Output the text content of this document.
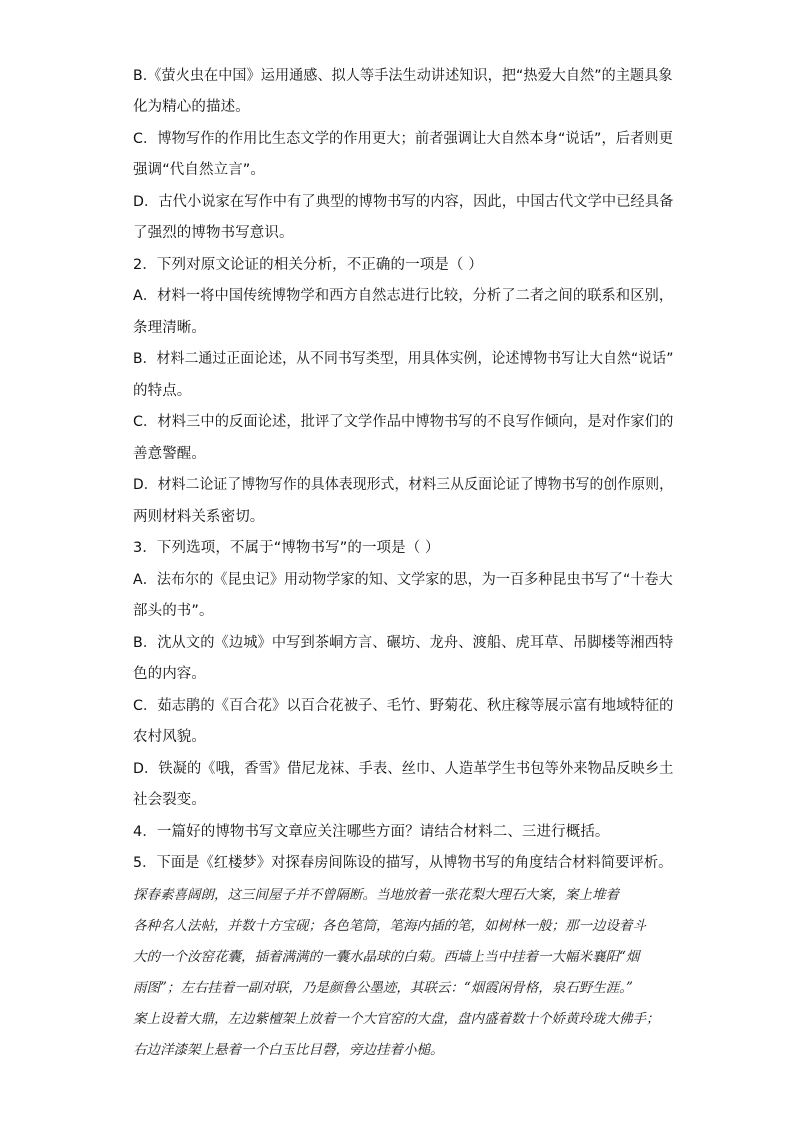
B.《萤火虫在中国》运用通感、拟人等手法生动讲述知识，把“热爱大自然”的主题具象
化为精心的描述。
C．博物写作的作用比生态文学的作用更大；前者强调让大自然本身“说话”，后者则更
强调“代自然立言”。
D．古代小说家在写作中有了典型的博物书写的内容，因此，中国古代文学中已经具备
了强烈的博物书写意识。
2．下列对原文论证的相关分析，不正确的一项是（ ）
A．材料一将中国传统博物学和西方自然志进行比较，分析了二者之间的联系和区别，
条理清晰。
B．材料二通过正面论述，从不同书写类型，用具体实例，论述博物书写让大自然“说话”
的特点。
C．材料三中的反面论述，批评了文学作品中博物书写的不良写作倾向，是对作家们的
善意警醒。
D．材料二论证了博物写作的具体表现形式，材料三从反面论证了博物书写的创作原则，
两则材料关系密切。
3．下列选项，不属于“博物书写”的一项是（ ）
A．法布尔的《昆虫记》用动物学家的知、文学家的思，为一百多种昆虫书写了“十卷大
部头的书”。
B．沈从文的《边城》中写到茶峒方言、碾坊、龙舟、渡船、虎耳草、吊脚楼等湘西特
色的内容。
C．茹志鹃的《百合花》以百合花被子、毛竹、野菊花、秋庄稼等展示富有地域特征的
农村风貌。
D．铁凝的《哦，香雪》借尼龙袜、手表、丝巾、人造革学生书包等外来物品反映乡土
社会裂变。
4．一篇好的博物书写文章应关注哪些方面？请结合材料二、三进行概括。
5．下面是《红楼梦》对探春房间陈设的描写，从博物书写的角度结合材料简要评析。
探春素喜阔朗，这三间屋子并不曾隔断。当地放着一张花梨大理石大案，案上堆着
各种名人法帖，并数十方宝砚；各色笔筒，笔海内插的笔，如树林一般；那一边设着斗
大的一个汝窑花囊，插着满满的一囊水晶球的白菊。西墙上当中挂着一大幅米襄阳“烟
雨图”；左右挂着一副对联，乃是颜鲁公墨迹，其联云：“烟霞闲骨格，泉石野生涯。”
案上设着大鼎，左边紫檀架上放着一个大官窑的大盘，盘内盛着数十个娇黄玲珑大佛手；
右边洋漆架上悬着一个白玉比目磬，旁边挂着小槌。
